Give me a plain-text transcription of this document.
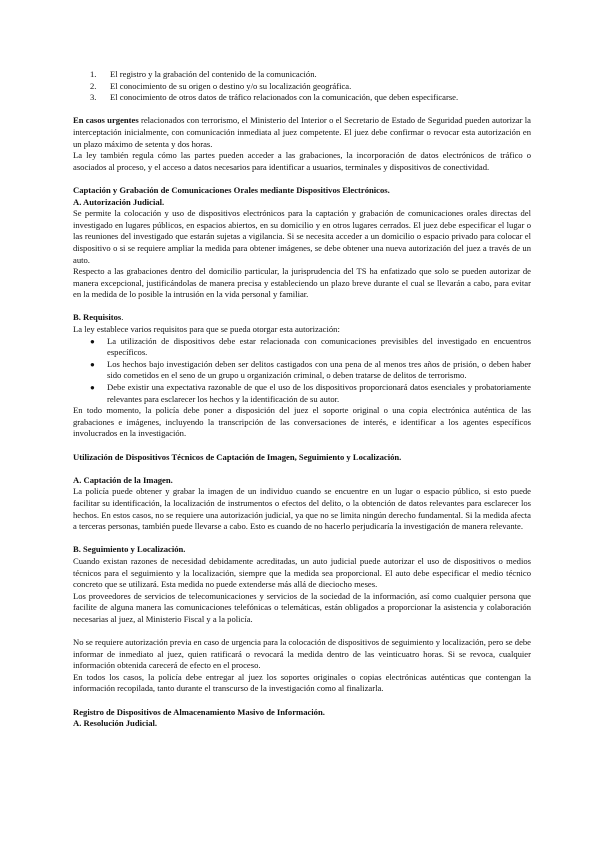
1. El registro y la grabación del contenido de la comunicación.
2. El conocimiento de su origen o destino y/o su localización geográfica.
3. El conocimiento de otros datos de tráfico relacionados con la comunicación, que deben especificarse.

En casos urgentes relacionados con terrorismo, el Ministerio del Interior o el Secretario de Estado de Seguridad pueden autorizar la interceptación inicialmente, con comunicación inmediata al juez competente. El juez debe confirmar o revocar esta autorización en un plazo máximo de setenta y dos horas.

La ley también regula cómo las partes pueden acceder a las grabaciones, la incorporación de datos electrónicos de tráfico o asociados al proceso, y el acceso a datos necesarios para identificar a usuarios, terminales y dispositivos de conectividad.

Captación y Grabación de Comunicaciones Orales mediante Dispositivos Electrónicos.

A. Autorización Judicial.

Se permite la colocación y uso de dispositivos electrónicos para la captación y grabación de comunicaciones orales directas del investigado en lugares públicos, en espacios abiertos, en su domicilio y en otros lugares cerrados. El juez debe especificar el lugar o las reuniones del investigado que estarán sujetas a vigilancia. Si se necesita acceder a un domicilio o espacio privado para colocar el dispositivo o si se requiere ampliar la medida para obtener imágenes, se debe obtener una nueva autorización del juez a través de un auto.

Respecto a las grabaciones dentro del domicilio particular, la jurisprudencia del TS ha enfatizado que solo se pueden autorizar de manera excepcional, justificándolas de manera precisa y estableciendo un plazo breve durante el cual se llevarán a cabo, para evitar en la medida de lo posible la intrusión en la vida personal y familiar.

B. Requisitos.

La ley establece varios requisitos para que se pueda otorgar esta autorización:

● La utilización de dispositivos debe estar relacionada con comunicaciones previsibles del investigado en encuentros específicos.
● Los hechos bajo investigación deben ser delitos castigados con una pena de al menos tres años de prisión, o deben haber sido cometidos en el seno de un grupo u organización criminal, o deben tratarse de delitos de terrorismo.
● Debe existir una expectativa razonable de que el uso de los dispositivos proporcionará datos esenciales y probatoriamente relevantes para esclarecer los hechos y la identificación de su autor.

En todo momento, la policía debe poner a disposición del juez el soporte original o una copia electrónica auténtica de las grabaciones e imágenes, incluyendo la transcripción de las conversaciones de interés, e identificar a los agentes específicos involucrados en la investigación.

Utilización de Dispositivos Técnicos de Captación de Imagen, Seguimiento y Localización.

A. Captación de la Imagen.

La policía puede obtener y grabar la imagen de un individuo cuando se encuentre en un lugar o espacio público, si esto puede facilitar su identificación, la localización de instrumentos o efectos del delito, o la obtención de datos relevantes para esclarecer los hechos. En estos casos, no se requiere una autorización judicial, ya que no se limita ningún derecho fundamental. Si la medida afecta a terceras personas, también puede llevarse a cabo. Esto es cuando de no hacerlo perjudicaría la investigación de manera relevante.

B. Seguimiento y Localización.

Cuando existan razones de necesidad debidamente acreditadas, un auto judicial puede autorizar el uso de dispositivos o medios técnicos para el seguimiento y la localización, siempre que la medida sea proporcional. El auto debe especificar el medio técnico concreto que se utilizará. Esta medida no puede extenderse más allá de dieciocho meses.

Los proveedores de servicios de telecomunicaciones y servicios de la sociedad de la información, así como cualquier persona que facilite de alguna manera las comunicaciones telefónicas o telemáticas, están obligados a proporcionar la asistencia y colaboración necesarias al juez, al Ministerio Fiscal y a la policía.

No se requiere autorización previa en caso de urgencia para la colocación de dispositivos de seguimiento y localización, pero se debe informar de inmediato al juez, quien ratificará o revocará la medida dentro de las veinticuatro horas. Si se revoca, cualquier información obtenida carecerá de efecto en el proceso.

En todos los casos, la policía debe entregar al juez los soportes originales o copias electrónicas auténticas que contengan la información recopilada, tanto durante el transcurso de la investigación como al finalizarla.

Registro de Dispositivos de Almacenamiento Masivo de Información.

A. Resolución Judicial.
